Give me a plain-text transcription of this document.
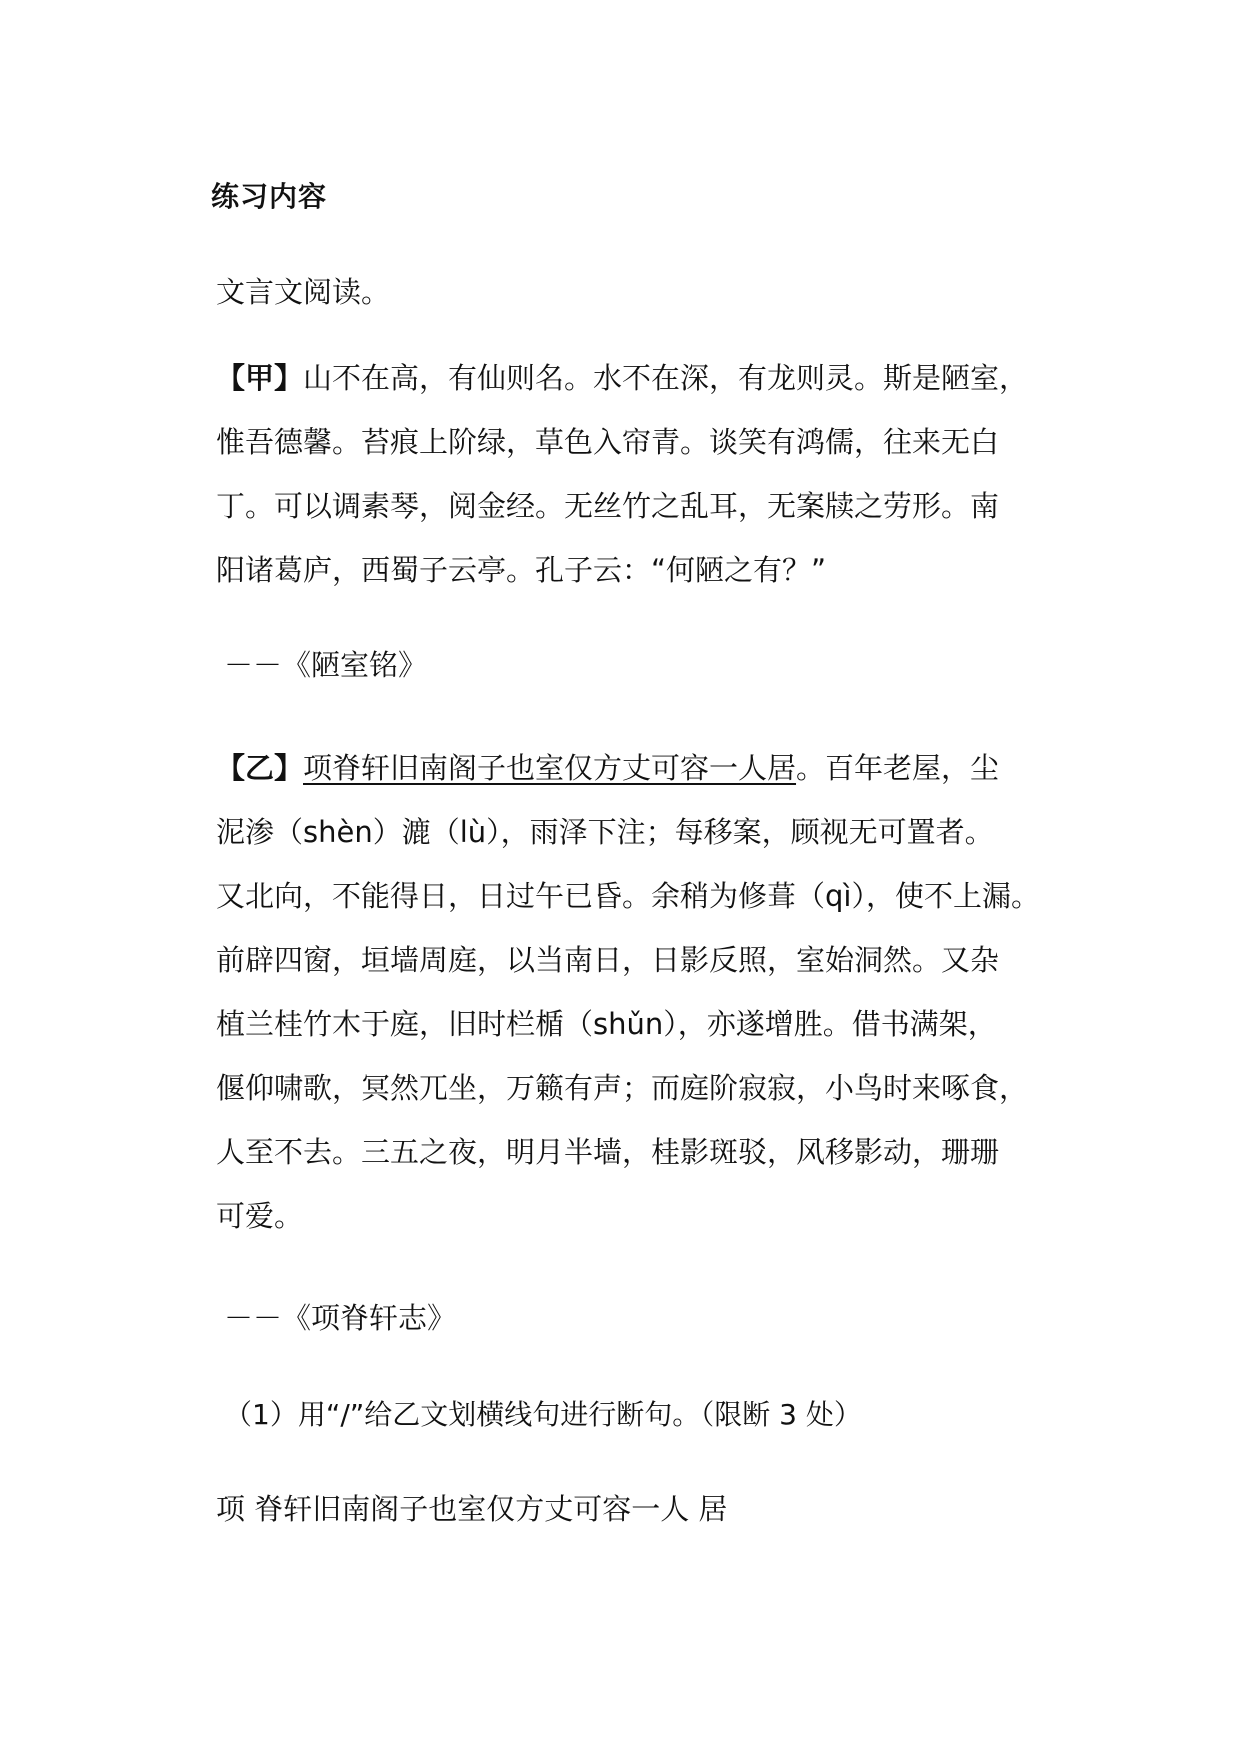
练习内容
文言文阅读。
【甲】山不在高，有仙则名。水不在深，有龙则灵。斯是陋室，
惟吾德馨。苔痕上阶绿，草色入帘青。谈笑有鸿儒，往来无白
丁。可以调素琴，阅金经。无丝竹之乱耳，无案牍之劳形。南
阳诸葛庐，西蜀子云亭。孔子云：“何陋之有？”
－－《陋室铭》
【乙】项脊轩旧南阁子也室仅方丈可容一人居。百年老屋，尘
泥渗（shèn）漉（lù），雨泽下注；每移案，顾视无可置者。
又北向，不能得日，日过午已昏。余稍为修葺（qì），使不上漏。
前辟四窗，垣墙周庭，以当南日，日影反照，室始洞然。又杂
植兰桂竹木于庭，旧时栏楯（shǔn），亦遂增胜。借书满架，
偃仰啸歌，冥然兀坐，万籁有声；而庭阶寂寂，小鸟时来啄食，
人至不去。三五之夜，明月半墙，桂影斑驳，风移影动，珊珊
可爱。
－－《项脊轩志》
（1）用“/”给乙文划横线句进行断句。（限断 3 处）
项 脊轩旧南阁子也室仅方丈可容一人 居
